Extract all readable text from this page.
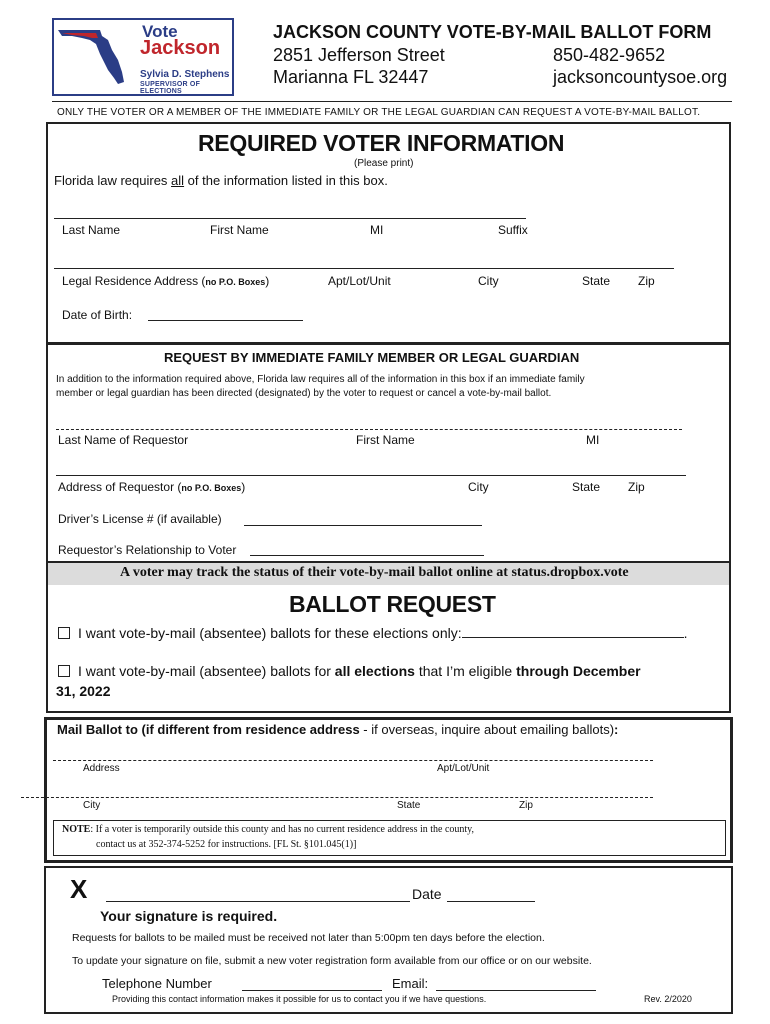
Vote
Jackson
Sylvia D. Stephens
SUPERVISOR OF ELECTIONS
JACKSON COUNTY VOTE-BY-MAIL BALLOT FORM
2851 Jefferson Street
Marianna FL 32447
850-482-9652
jacksoncountysoe.org
ONLY THE VOTER OR A MEMBER OF THE IMMEDIATE FAMILY OR THE LEGAL GUARDIAN CAN REQUEST A VOTE-BY-MAIL BALLOT.
REQUIRED VOTER INFORMATION
(Please print)
Florida law requires all of the information listed in this box.
Last Name	First Name	MI	Suffix
Legal Residence Address (no P.O. Boxes)	Apt/Lot/Unit	City	State Zip
Date of Birth:
REQUEST BY IMMEDIATE FAMILY MEMBER OR LEGAL GUARDIAN
In addition to the information required above, Florida law requires all of the information in this box if an immediate family
member or legal guardian has been directed (designated) by the voter to request or cancel a vote-by-mail ballot.
Last Name of Requestor	First Name	MI
Address of Requestor (no P.O. Boxes)	City	State Zip
Driver’s License # (if available)
Requestor’s Relationship to Voter
A voter may track the status of their vote-by-mail ballot online at status.dropbox.vote
BALLOT REQUEST
I want vote-by-mail (absentee) ballots for these elections only:	.
I want vote-by-mail (absentee) ballots for all elections that I’m eligible through December
31, 2022
Mail Ballot to (if different from residence address - if overseas, inquire about emailing ballots):
Address	Apt/Lot/Unit
City	State	Zip
NOTE: If a voter is temporarily outside this county and has no current residence address in the county,
contact us at 352-374-5252 for instructions. [FL St. §101.045(1)]
X	Date
Your signature is required.
Requests for ballots to be mailed must be received not later than 5:00pm ten days before the election.
To update your signature on file, submit a new voter registration form available from our office or on our website.
Telephone Number	Email:
Providing this contact information makes it possible for us to contact you if we have questions.	Rev. 2/2020
